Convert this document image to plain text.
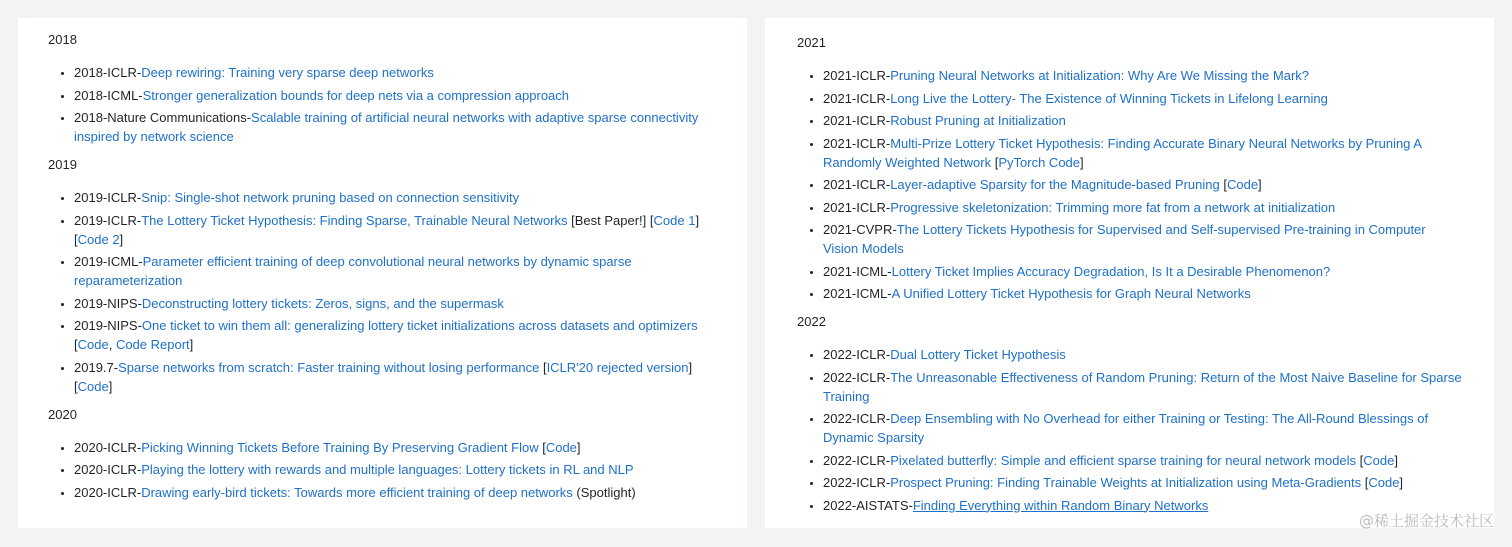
2018
• 2018-ICLR-Deep rewiring: Training very sparse deep networks
• 2018-ICML-Stronger generalization bounds for deep nets via a compression approach
• 2018-Nature Communications-Scalable training of artificial neural networks with adaptive sparse connectivity inspired by network science
2019
• 2019-ICLR-Snip: Single-shot network pruning based on connection sensitivity
• 2019-ICLR-The Lottery Ticket Hypothesis: Finding Sparse, Trainable Neural Networks [Best Paper!] [Code 1] [Code 2]
• 2019-ICML-Parameter efficient training of deep convolutional neural networks by dynamic sparse reparameterization
• 2019-NIPS-Deconstructing lottery tickets: Zeros, signs, and the supermask
• 2019-NIPS-One ticket to win them all: generalizing lottery ticket initializations across datasets and optimizers [Code, Code Report]
• 2019.7-Sparse networks from scratch: Faster training without losing performance [ICLR'20 rejected version] [Code]
2020
• 2020-ICLR-Picking Winning Tickets Before Training By Preserving Gradient Flow [Code]
• 2020-ICLR-Playing the lottery with rewards and multiple languages: Lottery tickets in RL and NLP
• 2020-ICLR-Drawing early-bird tickets: Towards more efficient training of deep networks (Spotlight)
2021
• 2021-ICLR-Pruning Neural Networks at Initialization: Why Are We Missing the Mark?
• 2021-ICLR-Long Live the Lottery- The Existence of Winning Tickets in Lifelong Learning
• 2021-ICLR-Robust Pruning at Initialization
• 2021-ICLR-Multi-Prize Lottery Ticket Hypothesis: Finding Accurate Binary Neural Networks by Pruning A Randomly Weighted Network [PyTorch Code]
• 2021-ICLR-Layer-adaptive Sparsity for the Magnitude-based Pruning [Code]
• 2021-ICLR-Progressive skeletonization: Trimming more fat from a network at initialization
• 2021-CVPR-The Lottery Tickets Hypothesis for Supervised and Self-supervised Pre-training in Computer Vision Models
• 2021-ICML-Lottery Ticket Implies Accuracy Degradation, Is It a Desirable Phenomenon?
• 2021-ICML-A Unified Lottery Ticket Hypothesis for Graph Neural Networks
2022
• 2022-ICLR-Dual Lottery Ticket Hypothesis
• 2022-ICLR-The Unreasonable Effectiveness of Random Pruning: Return of the Most Naive Baseline for Sparse Training
• 2022-ICLR-Deep Ensembling with No Overhead for either Training or Testing: The All-Round Blessings of Dynamic Sparsity
• 2022-ICLR-Pixelated butterfly: Simple and efficient sparse training for neural network models [Code]
• 2022-ICLR-Prospect Pruning: Finding Trainable Weights at Initialization using Meta-Gradients [Code]
• 2022-AISTATS-Finding Everything within Random Binary Networks
@稀土掘金技术社区
